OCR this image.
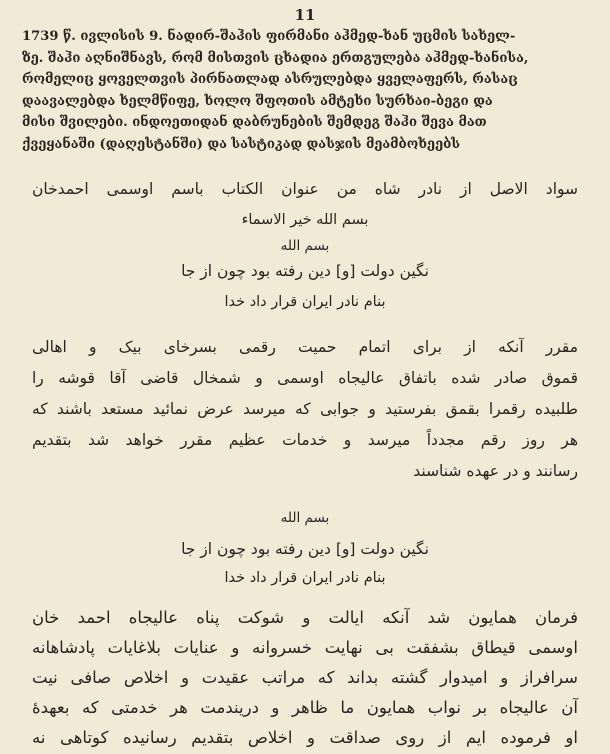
11
1739 წ. ივლისის 9. ნადირ-შაჰის ფირმანი აჰმედ-ხან უცმის სახელ-
ზე. შაჰი აღნიშნავს, რომ მისთვის ცხადია ერთგულება აჰმედ-ხანისა,
რომელიც ყოველთვის პირნათლად ასრულებდა ყველაფერს, რასაც
დაავალებდა ხელმწიფე, ხოლო შფოთის ამტეხი სურხაი-ბეგი და
მისი შვილები. ინდოეთიდან დაბრუნების შემდეგ შაჰი შევა მათ
ქვეყანაში (დაღესტანში) და სასტიკად დასჯის მეამბოხეებს
سواد الاصل از نادر شاه من عنوان الکتاب باسم اوسمی احمدخان
بسم الله خير الاسماء
بسم الله
نگین دولت [و] دین رفته بود چون از جا
بنام نادر ایران قرار داد خدا
مقرر آنکه از برای اتمام حمیت رقمی بسرخای بیک و اهالی
قموق صادر شده باتفاق عالیجاه اوسمی و شمخال قاضی آقا قوشه را
طلبیده رقمرا بقمق بفرستید و جوابی که میرسد عرض نمائید مستعد باشند که
هر روز رقم مجدداً میرسد و خدمات عظیم مقرر خواهد شد بتقدیم
رسانند و در عهده شناسند
بسم الله
نگین دولت [و] دین رفته بود چون از جا
بنام نادر ایران قرار داد خدا
فرمان همایون شد آنکه ایالت و شوکت پناه عالیجاه احمد خان
اوسمی قیطاق بشفقت بی نهایت خسروانه و عنایات بلاغایات پادشاهانه
سرافراز و امیدوار گشته بداند که مراتب عقیدت و اخلاص صافی نیت
آن عالیجاه بر نواب همایون ما ظاهر و دریندمت هر خدمتی که بعهدهٔ
او فرموده ایم از روی صداقت و اخلاص بتقدیم رسانیده کوتاهی نه
